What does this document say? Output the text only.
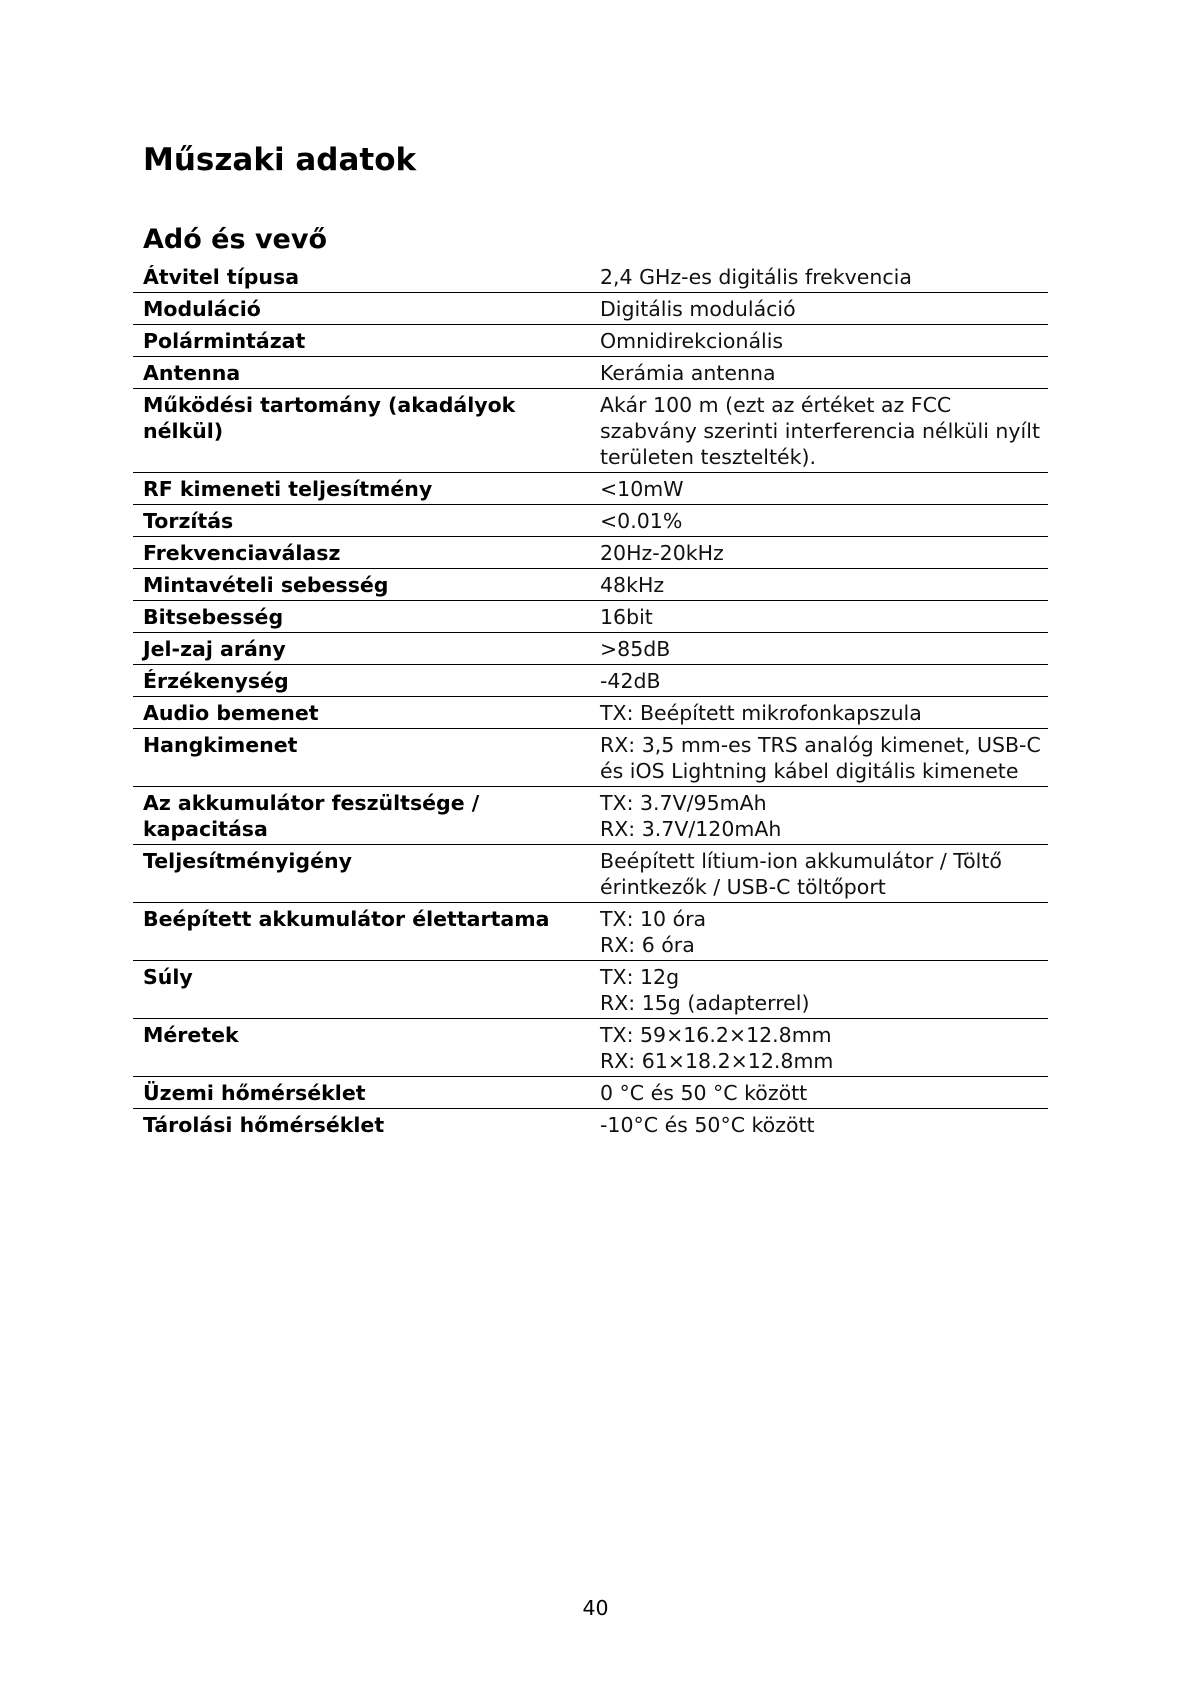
Műszaki adatok
Adó és vevő
Átvitel típusa	2,4 GHz-es digitális frekvencia

Moduláció	Digitális moduláció

Polármintázat	Omnidirekcionális

Antenna	Kerámia antenna

Működési tartomány (akadályok nélkül)	Akár 100 m (ezt az értéket az FCC szabvány szerinti interferencia nélküli nyílt területen tesztelték).

RF kimeneti teljesítmény	<10mW

Torzítás	<0.01%

Frekvenciaválasz	20Hz-20kHz

Mintavételi sebesség	48kHz

Bitsebesség	16bit

Jel-zaj arány	>85dB

Érzékenység	-42dB

Audio bemenet	TX: Beépített mikrofonkapszula

Hangkimenet	RX: 3,5 mm-es TRS analóg kimenet, USB-C és iOS Lightning kábel digitális kimenete

Az akkumulátor feszültsége / kapacitása	TX: 3.7V/95mAh
RX: 3.7V/120mAh

Teljesítményigény	Beépített lítium-ion akkumulátor / Töltő érintkezők / USB-C töltőport

Beépített akkumulátor élettartama	TX: 10 óra
RX: 6 óra

Súly	TX: 12g
RX: 15g (adapterrel)

Méretek	TX: 59×16.2×12.8mm
RX: 61×18.2×12.8mm

Üzemi hőmérséklet	0 °C és 50 °C között

Tárolási hőmérséklet	-10°C és 50°C között
40
